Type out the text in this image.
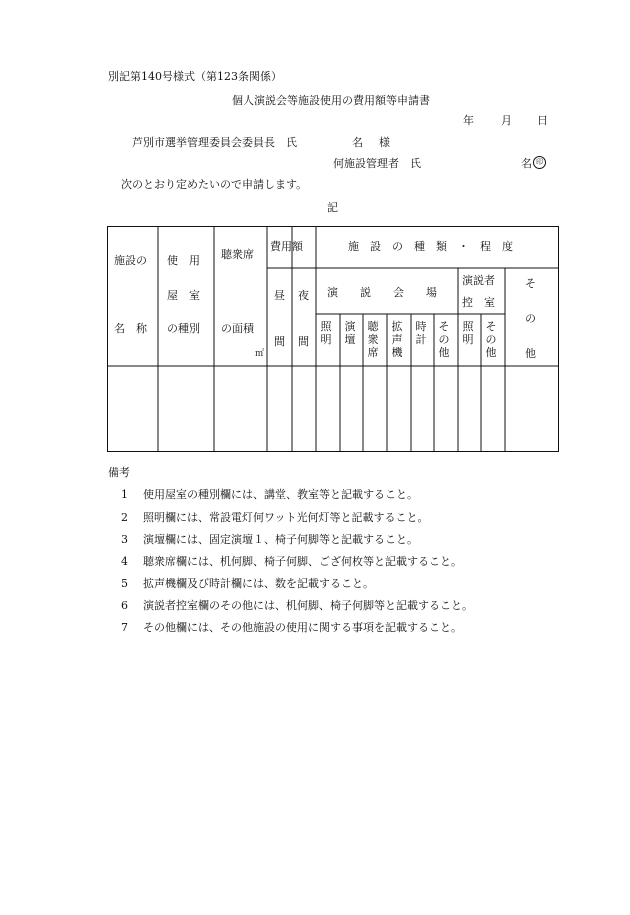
別記第140号様式（第123条関係）
個人演説会等施設使用の費用額等申請書
年 月 日
芦別市選挙管理委員会委員長　氏	名 様
何施設管理者　氏	名 印
次のとおり定めたいので申請します。
記
施設の
名　称
使　用
屋　室
の種別
聴衆席
の面積
㎡
費用額
昼
間
夜
間
施　設　の　種　類　・　程　度
演　　説　　会　　場
演説者
控　室
そ
の
他
照明
演壇
聴衆席
拡声機
時計
その他
照明
その他
備考
1 使用屋室の種別欄には、講堂、教室等と記載すること。
2 照明欄には、常設電灯何ワット光何灯等と記載すること。
3 演壇欄には、固定演壇１、椅子何脚等と記載すること。
4 聴衆席欄には、机何脚、椅子何脚、ござ何枚等と記載すること。
5 拡声機欄及び時計欄には、数を記載すること。
6 演説者控室欄のその他には、机何脚、椅子何脚等と記載すること。
7 その他欄には、その他施設の使用に関する事項を記載すること。
